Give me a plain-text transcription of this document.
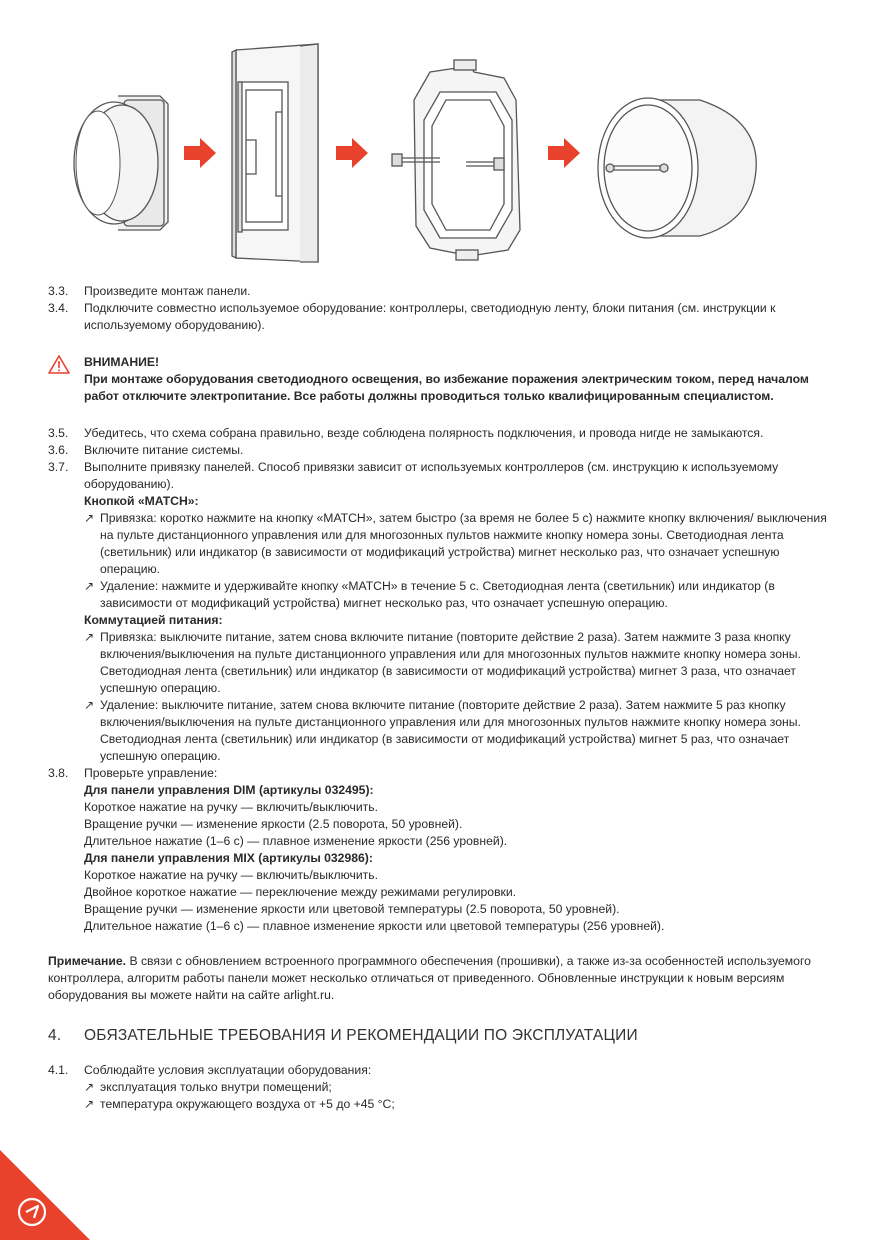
3.3.	Произведите монтаж панели.
3.4.	Подключите совместно используемое оборудование: контроллеры, светодиодную ленту, блоки питания (см. инструкции к используемому оборудованию).
ВНИМАНИЕ!
При монтаже оборудования светодиодного освещения, во избежание поражения электрическим током, перед началом работ отключите электропитание. Все работы должны проводиться только квалифицированным специалистом.
3.5.	Убедитесь, что схема собрана правильно, везде соблюдена полярность подключения, и провода нигде не замыкаются.
3.6.	Включите питание системы.
3.7.	Выполните привязку панелей. Способ привязки зависит от используемых контроллеров (см. инструкцию к используемому оборудованию).
Кнопкой «MATCH»:
↗ Привязка: коротко нажмите на кнопку «MATCH», затем быстро (за время не более 5 с) нажмите кнопку включения/ выключения на пульте дистанционного управления или для многозонных пультов нажмите кнопку номера зоны. Светодиодная лента (светильник) или индикатор (в зависимости от модификаций устройства) мигнет несколько раз, что означает успешную операцию.
↗ Удаление: нажмите и удерживайте кнопку «MATCH» в течение 5 с. Светодиодная лента (светильник) или индикатор (в зависимости от модификаций устройства) мигнет несколько раз, что означает успешную операцию.
Коммутацией питания:
↗ Привязка: выключите питание, затем снова включите питание (повторите действие 2 раза). Затем нажмите 3 раза кнопку включения/выключения на пульте дистанционного управления или для многозонных пультов нажмите кнопку номера зоны. Светодиодная лента (светильник) или индикатор (в зависимости от модификаций устройства) мигнет 3 раза, что означает успешную операцию.
↗ Удаление: выключите питание, затем снова включите питание (повторите действие 2 раза). Затем нажмите 5 раз кнопку включения/выключения на пульте дистанционного управления или для многозонных пультов нажмите кнопку номера зоны. Светодиодная лента (светильник) или индикатор (в зависимости от модификаций устройства) мигнет 5 раз, что означает успешную операцию.
3.8.	Проверьте управление:
Для панели управления DIM (артикулы 032495):
Короткое нажатие на ручку — включить/выключить.
Вращение ручки — изменение яркости (2.5 поворота, 50 уровней).
Длительное нажатие (1–6 с) — плавное изменение яркости (256 уровней).
Для панели управления MIX (артикулы 032986):
Короткое нажатие на ручку — включить/выключить.
Двойное короткое нажатие — переключение между режимами регулировки.
Вращение ручки — изменение яркости или цветовой температуры (2.5 поворота, 50 уровней).
Длительное нажатие (1–6 с) — плавное изменение яркости или цветовой температуры (256 уровней).
Примечание. В связи с обновлением встроенного программного обеспечения (прошивки), а также из-за особенностей используемого контроллера, алгоритм работы панели может несколько отличаться от приведенного. Обновленные инструкции к новым версиям оборудования вы можете найти на сайте arlight.ru.
4.	ОБЯЗАТЕЛЬНЫЕ ТРЕБОВАНИЯ И РЕКОМЕНДАЦИИ ПО ЭКСПЛУАТАЦИИ
4.1.	Соблюдайте условия эксплуатации оборудования:
↗ эксплуатация только внутри помещений;
↗ температура окружающего воздуха от +5 до +45 °С;
